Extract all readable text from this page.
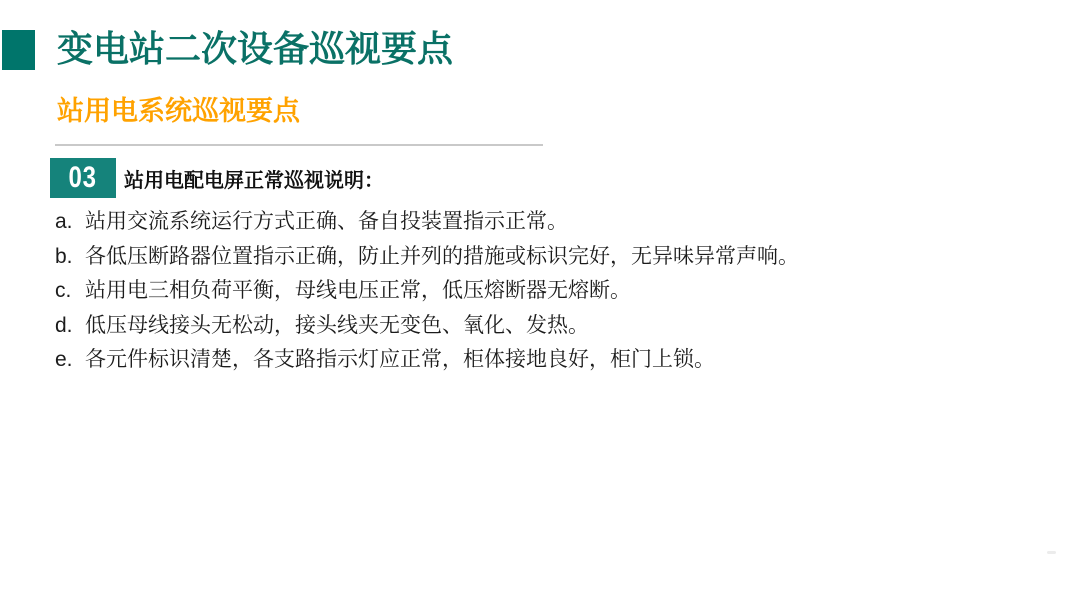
变电站二次设备巡视要点
站用电系统巡视要点
03 站用电配电屏正常巡视说明：
a. 站用交流系统运行方式正确、备自投装置指示正常。
b. 各低压断路器位置指示正确，防止并列的措施或标识完好，无异味异常声响。
c. 站用电三相负荷平衡，母线电压正常，低压熔断器无熔断。
d. 低压母线接头无松动，接头线夹无变色、氧化、发热。
e. 各元件标识清楚，各支路指示灯应正常，柜体接地良好，柜门上锁。
